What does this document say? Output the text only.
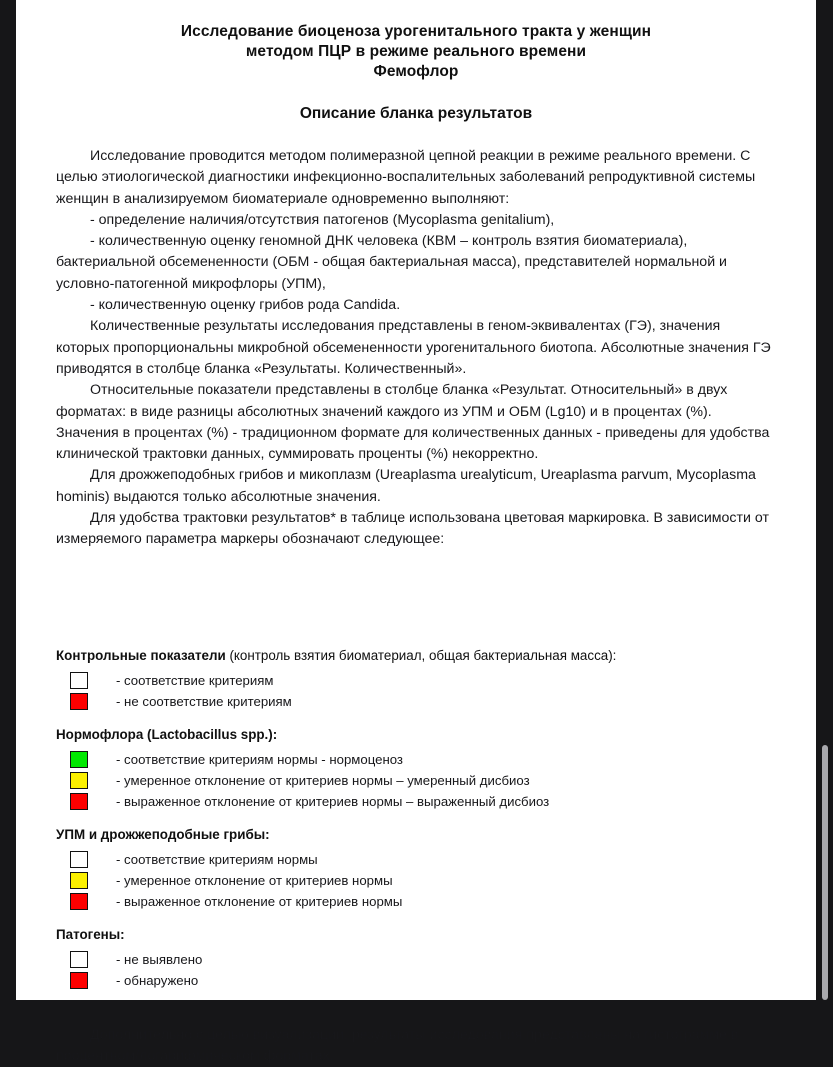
Исследование биоценоза урогенитального тракта у женщин
методом ПЦР в режиме реального времени
Фемофлор
Описание бланка результатов

Исследование проводится методом полимеразной цепной реакции в режиме реального времени. С целью этиологической диагностики инфекционно-воспалительных заболеваний репродуктивной системы женщин в анализируемом биоматериале одновременно выполняют:

- определение наличия/отсутствия патогенов (Mycoplasma genitalium),

- количественную оценку геномной ДНК человека (КВМ – контроль взятия биоматериала), бактериальной обсемененности (ОБМ - общая бактериальная масса), представителей нормальной и условно-патогенной микрофлоры (УПМ),

- количественную оценку грибов рода Candida.

Количественные результаты исследования представлены в геном-эквивалентах (ГЭ), значения которых пропорциональны микробной обсемененности урогенитального биотопа. Абсолютные значения ГЭ приводятся в столбце бланка «Результаты. Количественный».

Относительные показатели представлены в столбце бланка «Результат. Относительный» в двух форматах: в виде разницы абсолютных значений каждого из УПМ и ОБМ (Lg10) и в процентах (%). Значения в процентах (%) - традиционном формате для количественных данных - приведены для удобства клинической трактовки данных, суммировать проценты (%) некорректно.

Для дрожжеподобных грибов и микоплазм (Ureaplasma urealyticum, Ureaplasma parvum, Mycoplasma hominis) выдаются только абсолютные значения.

Для удобства трактовки результатов* в таблице использована цветовая маркировка. В зависимости от измеряемого параметра маркеры обозначают следующее:

Контрольные показатели (контроль взятия биоматериал, общая бактериальная масса):
- соответствие критериям
- не соответствие критериям
Нормофлора (Lactobacillus spp.):
- соответствие критериям нормы - нормоценоз
- умеренное отклонение от критериев нормы – умеренный дисбиоз
- выраженное отклонение от критериев нормы – выраженный дисбиоз
УПМ и дрожжеподобные грибы:
- соответствие критериям нормы
- умеренное отклонение от критериев нормы
- выраженное отклонение от критериев нормы
Патогены:
- не выявлено
- обнаружено

Дополнительно с целью визуализации, результаты исследования представлены на гистограмме в процентном/логарифмическом форматах.
